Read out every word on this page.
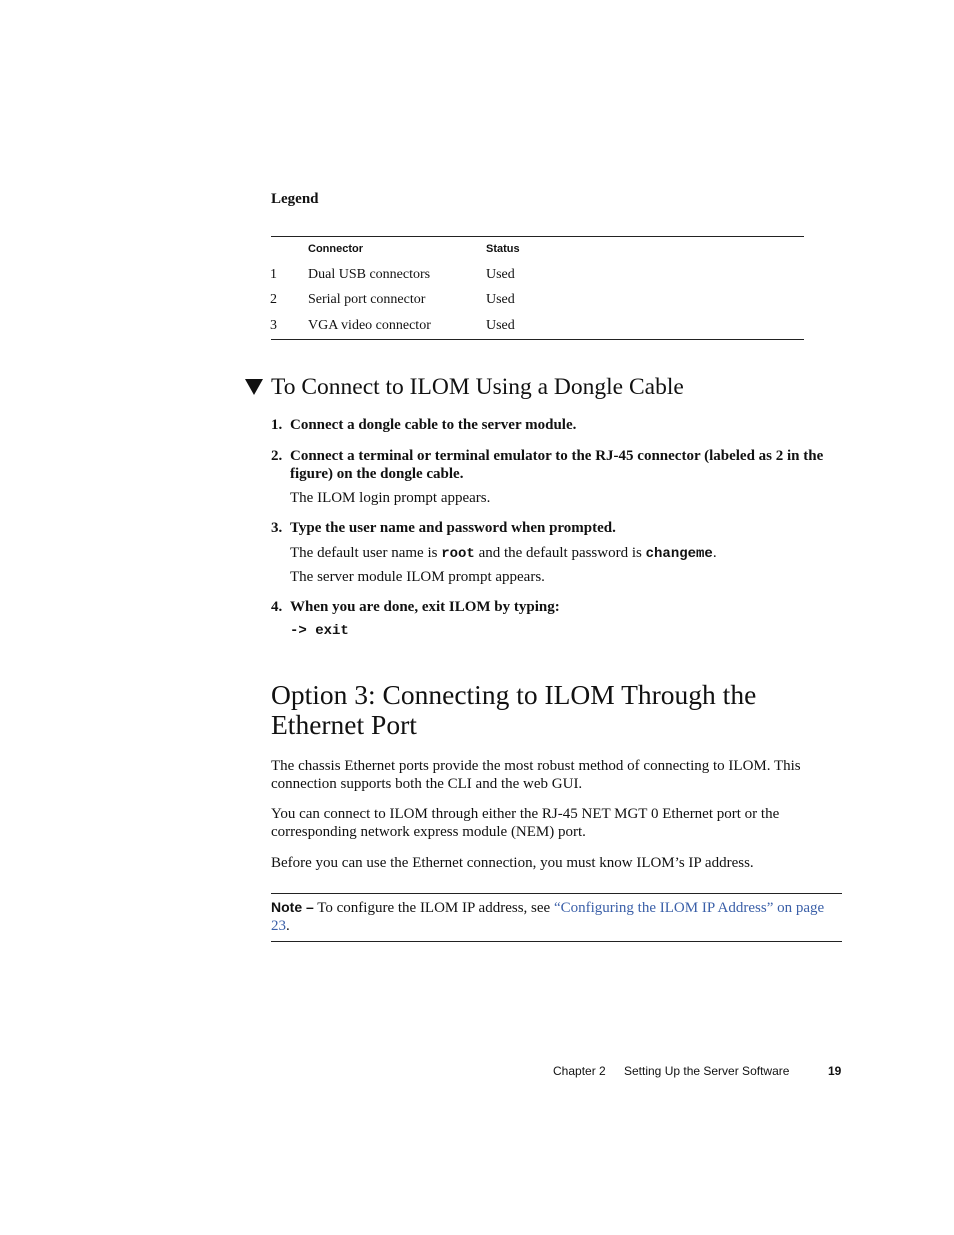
Legend
Connector	Status
1 Dual USB connectors	Used
2 Serial port connector	Used
3 VGA video connector	Used
To Connect to ILOM Using a Dongle Cable
1. Connect a dongle cable to the server module.
2. Connect a terminal or terminal emulator to the RJ-45 connector (labeled as 2 in the figure) on the dongle cable.
The ILOM login prompt appears.
3. Type the user name and password when prompted.
The default user name is root and the default password is changeme.
The server module ILOM prompt appears.
4. When you are done, exit ILOM by typing:
-> exit
Option 3: Connecting to ILOM Through the Ethernet Port
The chassis Ethernet ports provide the most robust method of connecting to ILOM. This connection supports both the CLI and the web GUI.
You can connect to ILOM through either the RJ-45 NET MGT 0 Ethernet port or the corresponding network express module (NEM) port.
Before you can use the Ethernet connection, you must know ILOM’s IP address.
Note – To configure the ILOM IP address, see “Configuring the ILOM IP Address” on page 23.
Chapter 2 Setting Up the Server Software	19
